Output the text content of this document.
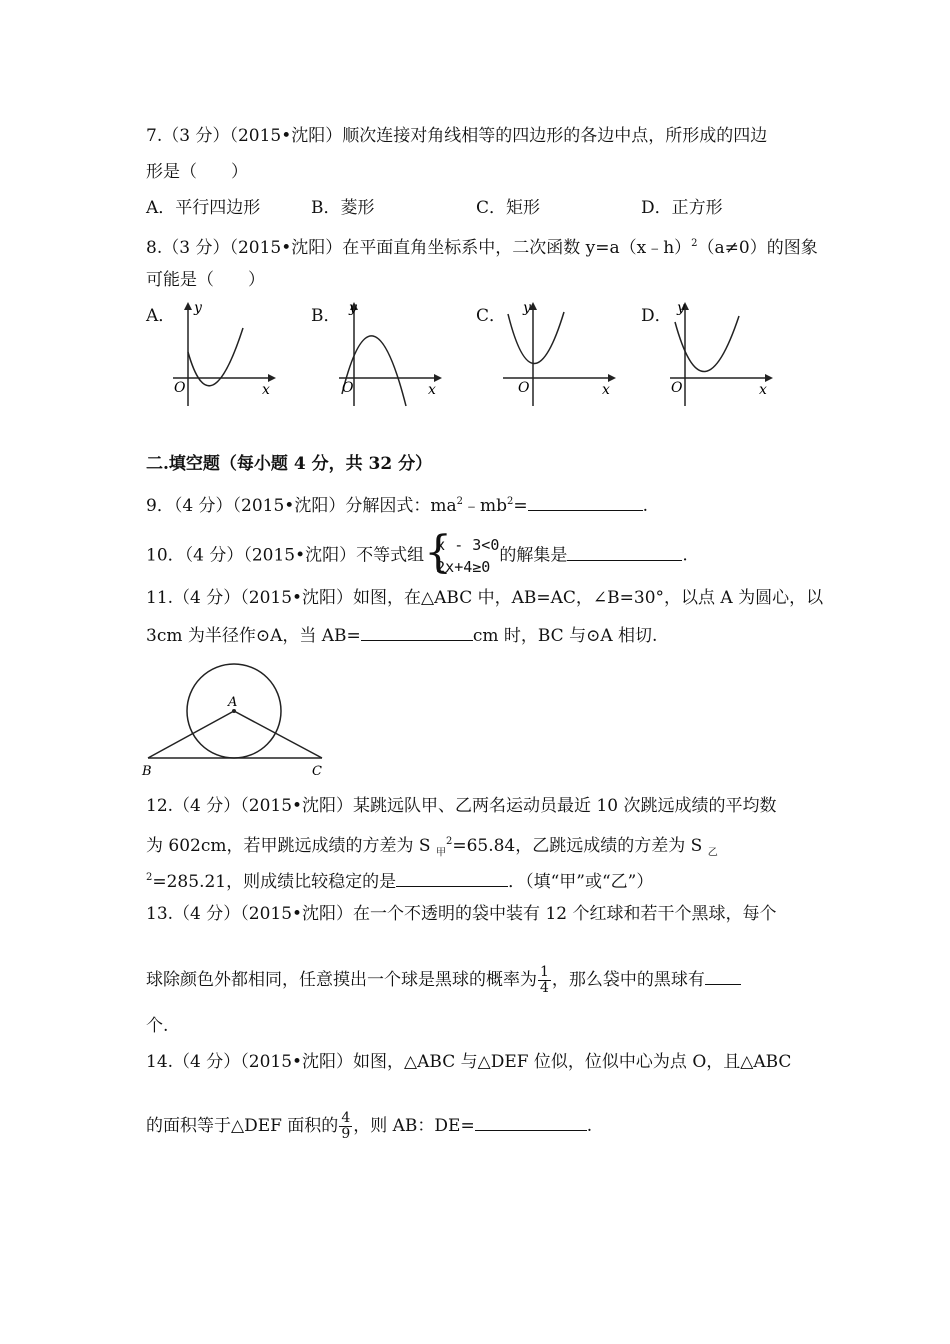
7.（3 分）（2015•沈阳）顺次连接对角线相等的四边形的各边中点，所形成的四边
形是（　　）
A．平行四边形	B．菱形	C．矩形	D．正方形
8.（3 分）（2015•沈阳）在平面直角坐标系中，二次函数 y=a（x﹣h）$^2$（a≠0）的图象
可能是（　　）
A．	B．	C．	D．
y
x
O
y
x
O
y
x
O
y
x
O
二.填空题（每小题 4 分，共 32 分）
9．（4 分）（2015•沈阳）分解因式：$ma^2﹣mb^2=$	.
10．（4 分）（2015•沈阳）不等式组 {
x - 3<0
2x+4≥0
的解集是	.
11.（4 分）（2015•沈阳）如图，在△ABC 中，AB=AC，∠B=30°，以点 A 为圆心，以
3cm 为半径作⊙A，当 AB=	cm 时，BC 与⊙A 相切.
A
B	C
12.（4 分）（2015•沈阳）某跳远队甲、乙两名运动员最近 10 次跳远成绩的平均数
为 602cm，若甲跳远成绩的方差为 S $_甲^2$=65.84，乙跳远成绩的方差为 S $_乙$
$^2$=285.21，则成绩比较稳定的是	．（填“甲”或“乙”）
13.（4 分）（2015•沈阳）在一个不透明的袋中装有 12 个红球和若干个黑球，每个
球除颜色外都相同，任意摸出一个球是黑球的概率为 $\frac{1}{4}$ ，那么袋中的黑球有
个.
14.（4 分）（2015•沈阳）如图，△ABC 与△DEF 位似，位似中心为点 O，且△ABC
的面积等于△DEF 面积的 $\frac{4}{9}$ ，则 AB：DE=	.
